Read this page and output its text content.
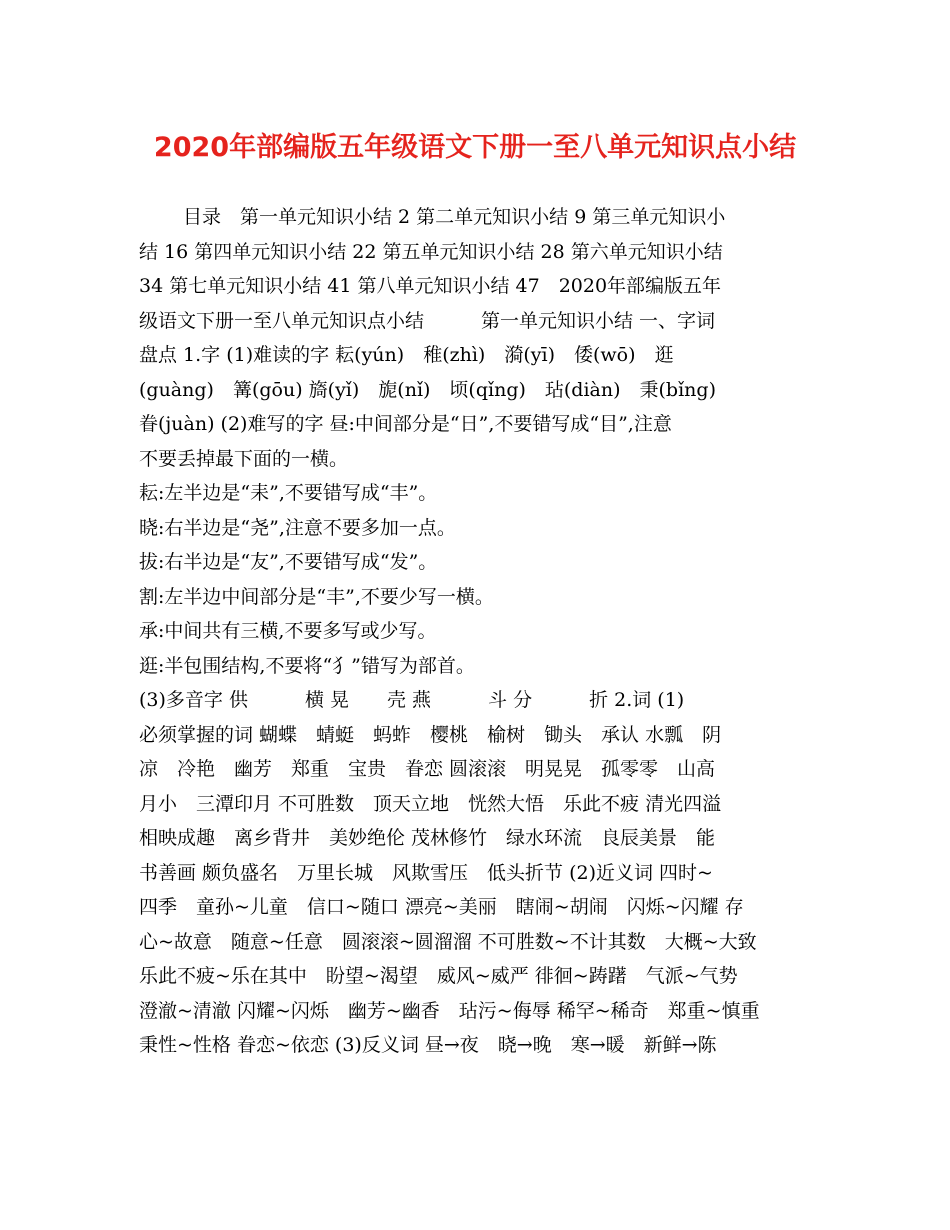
2020年部编版五年级语文下册一至八单元知识点小结
目录　第一单元知识小结 2 第二单元知识小结 9 第三单元知识小
结 16 第四单元知识小结 22 第五单元知识小结 28 第六单元知识小结
34 第七单元知识小结 41 第八单元知识小结 47　2020年部编版五年
级语文下册一至八单元知识点小结　　　第一单元知识小结 一、字词
盘点 1.字 (1)难读的字 耘(yún)　稚(zhì)　漪(yī)　倭(wō)　逛
(guàng)　篝(gōu) 旖(yǐ)　旎(nǐ)　顷(qǐng)　玷(diàn)　秉(bǐng)
眷(juàn) (2)难写的字 昼:中间部分是“日”,不要错写成“目”,注意
不要丢掉最下面的一横。
耘:左半边是“耒”,不要错写成“丰”。
晓:右半边是“尧”,注意不要多加一点。
拔:右半边是“友”,不要错写成“发”。
割:左半边中间部分是“丰”,不要少写一横。
承:中间共有三横,不要多写或少写。
逛:半包围结构,不要将“犭”错写为部首。
(3)多音字 供　　　横 晃　　壳 燕　　　斗 分　　　折 2.词 (1)
必须掌握的词 蝴蝶　蜻蜓　蚂蚱　樱桃　榆树　锄头　承认 水瓢　阴
凉　冷艳　幽芳　郑重　宝贵　眷恋 圆滚滚　明晃晃　孤零零　山高
月小　三潭印月 不可胜数　顶天立地　恍然大悟　乐此不疲 清光四溢
相映成趣　离乡背井　美妙绝伦 茂林修竹　绿水环流　良辰美景　能
书善画 颇负盛名　万里长城　风欺雪压　低头折节 (2)近义词 四时~
四季　童孙~儿童　信口~随口 漂亮~美丽　瞎闹~胡闹　闪烁~闪耀 存
心~故意　随意~任意　圆滚滚~圆溜溜 不可胜数~不计其数　大概~大致
乐此不疲~乐在其中　盼望~渴望　威风~威严 徘徊~踌躇　气派~气势
澄澈~清澈 闪耀~闪烁　幽芳~幽香　玷污~侮辱 稀罕~稀奇　郑重~慎重
秉性~性格 眷恋~依恋 (3)反义词 昼→夜　晓→晚　寒→暖　新鲜→陈
